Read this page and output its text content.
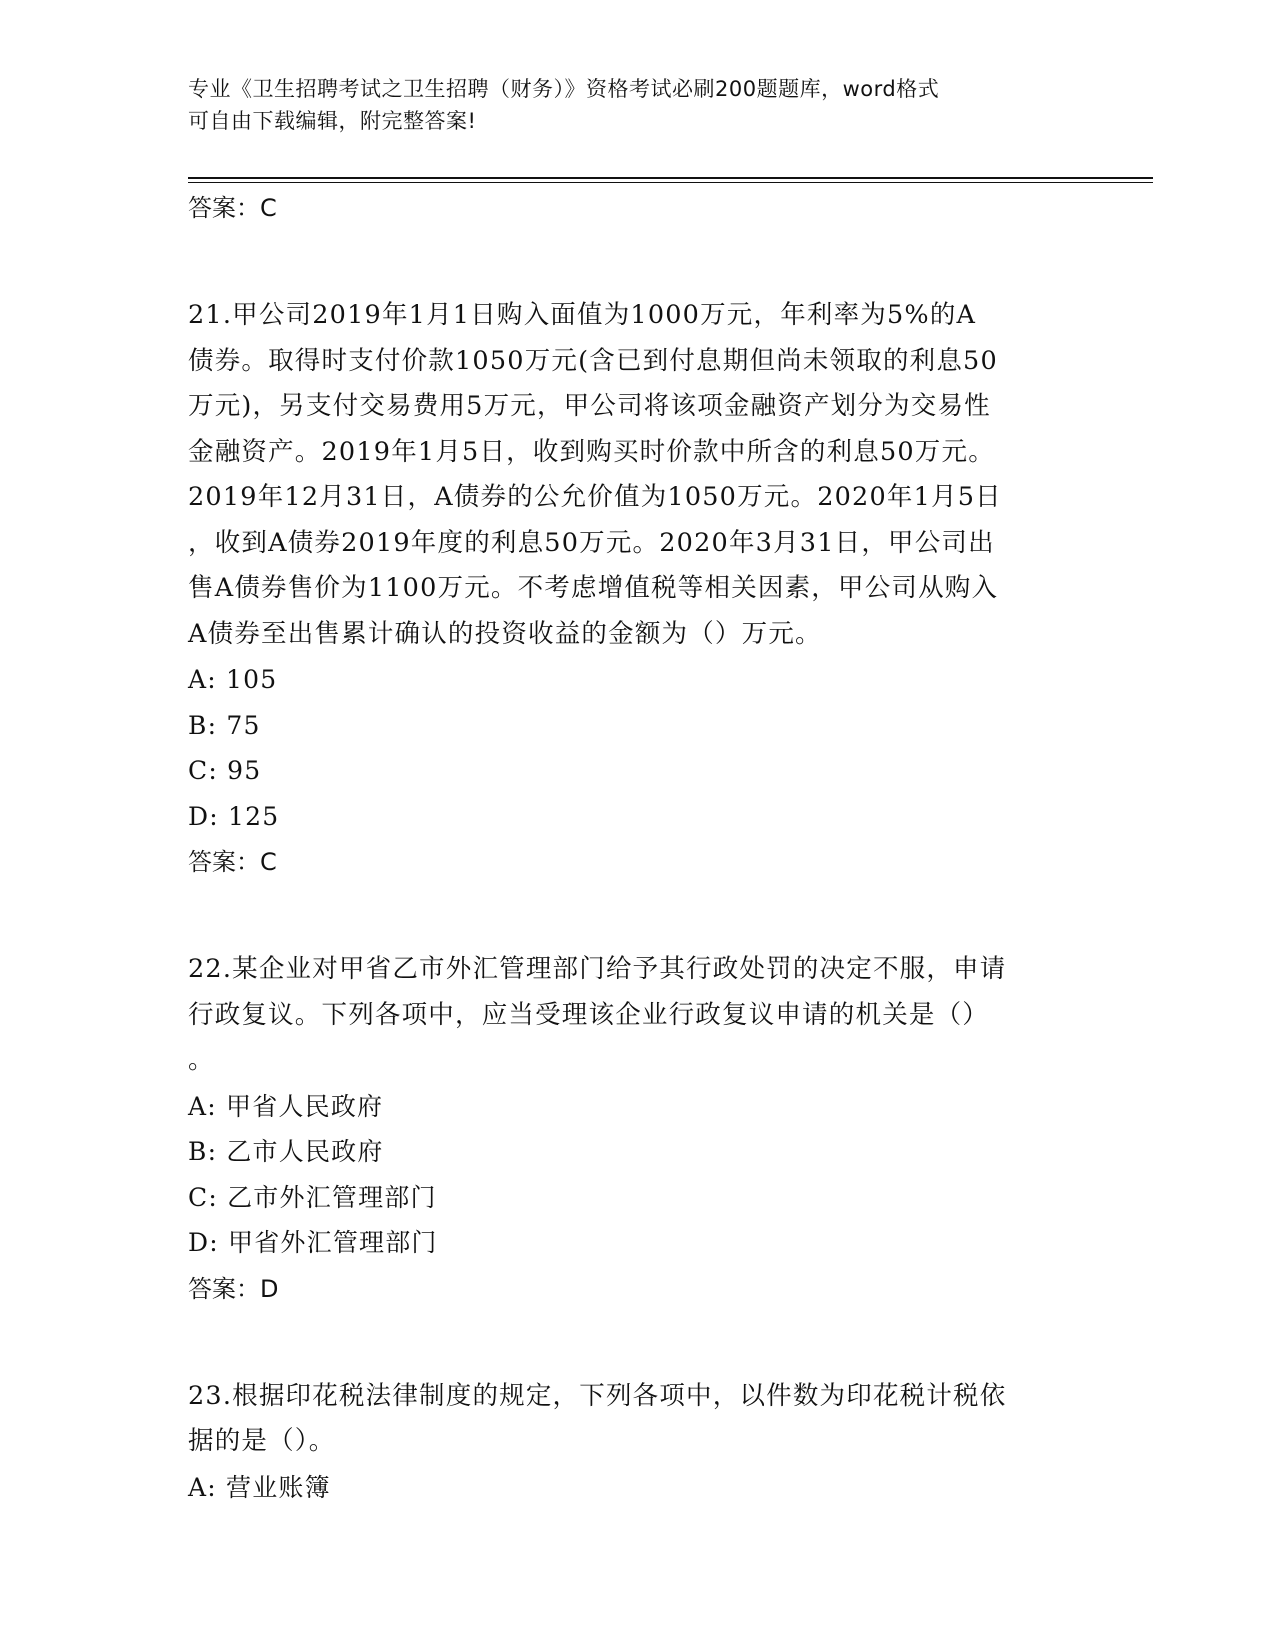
专业《卫生招聘考试之卫生招聘（财务）》资格考试必刷200题题库，word格式
可自由下载编辑，附完整答案!

答案：C

21.甲公司2019年1月1日购入面值为1000万元，年利率为5%的A

债券。取得时支付价款1050万元(含已到付息期但尚未领取的利息50

万元)，另支付交易费用5万元，甲公司将该项金融资产划分为交易性

金融资产。2019年1月5日，收到购买时价款中所含的利息50万元。

2019年12月31日，A债券的公允价值为1050万元。2020年1月5日

，收到A债券2019年度的利息50万元。2020年3月31日，甲公司出

售A债券售价为1100万元。不考虑增值税等相关因素，甲公司从购入

A债券至出售累计确认的投资收益的金额为（）万元。

A: 105

B: 75

C: 95

D: 125

答案：C

22.某企业对甲省乙市外汇管理部门给予其行政处罚的决定不服，申请

行政复议。下列各项中，应当受理该企业行政复议申请的机关是（）

。

A: 甲省人民政府

B: 乙市人民政府

C: 乙市外汇管理部门

D: 甲省外汇管理部门

答案：D

23.根据印花税法律制度的规定，下列各项中，以件数为印花税计税依

据的是（）。

A: 营业账簿
